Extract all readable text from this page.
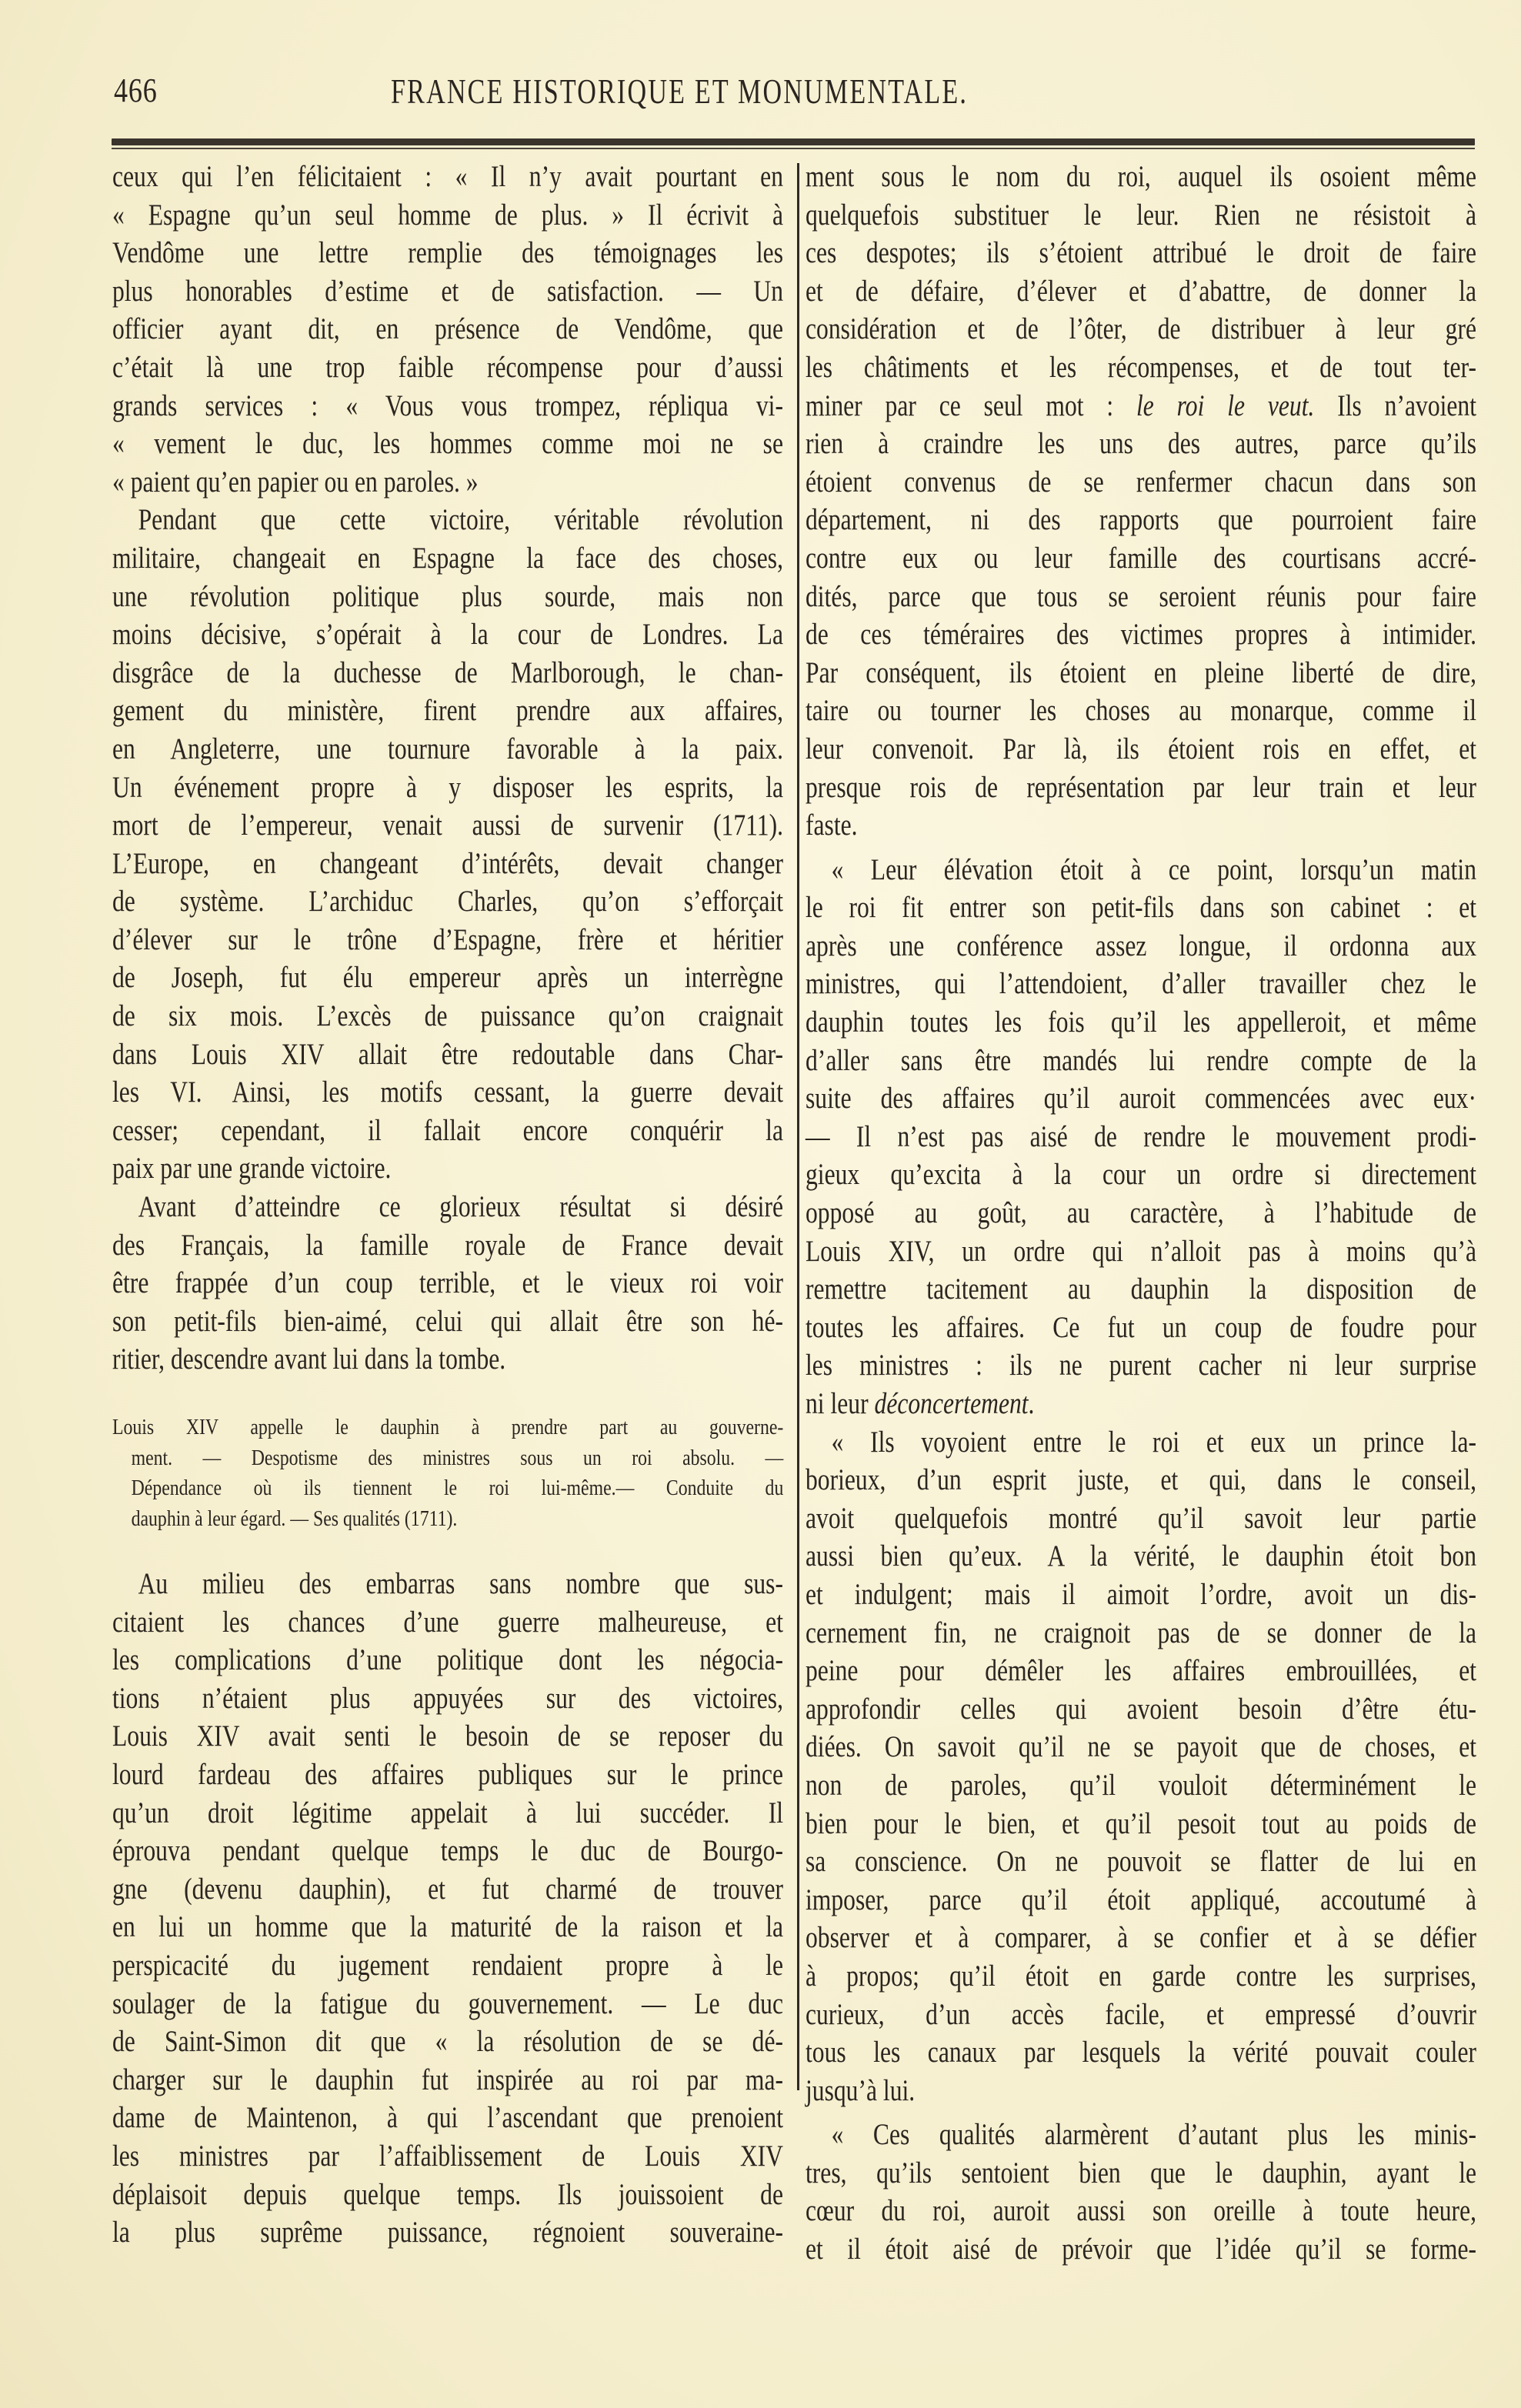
466	FRANCE HISTORIQUE ET MONUMENTALE.
ceux qui l’en félicitaient : « Il n’y avait pourtant en
« Espagne qu’un seul homme de plus. » Il écrivit à
Vendôme une lettre remplie des témoignages les
plus honorables d’estime et de satisfaction. — Un
officier ayant dit, en présence de Vendôme, que
c’était là une trop faible récompense pour d’aussi
grands services : « Vous vous trompez, répliqua vi-
« vement le duc, les hommes comme moi ne se
« paient qu’en papier ou en paroles. »
Pendant que cette victoire, véritable révolution
militaire, changeait en Espagne la face des choses,
une révolution politique plus sourde, mais non
moins décisive, s’opérait à la cour de Londres. La
disgrâce de la duchesse de Marlborough, le chan-
gement du ministère, firent prendre aux affaires,
en Angleterre, une tournure favorable à la paix.
Un événement propre à y disposer les esprits, la
mort de l’empereur, venait aussi de survenir (1711).
L’Europe, en changeant d’intérêts, devait changer
de système. L’archiduc Charles, qu’on s’efforçait
d’élever sur le trône d’Espagne, frère et héritier
de Joseph, fut élu empereur après un interrègne
de six mois. L’excès de puissance qu’on craignait
dans Louis XIV allait être redoutable dans Char-
les VI. Ainsi, les motifs cessant, la guerre devait
cesser; cependant, il fallait encore conquérir la
paix par une grande victoire.
Avant d’atteindre ce glorieux résultat si désiré
des Français, la famille royale de France devait
être frappée d’un coup terrible, et le vieux roi voir
son petit-fils bien-aimé, celui qui allait être son hé-
ritier, descendre avant lui dans la tombe.
Louis XIV appelle le dauphin à prendre part au gouverne-
ment. — Despotisme des ministres sous un roi absolu. —
Dépendance où ils tiennent le roi lui-même.— Conduite du
dauphin à leur égard. — Ses qualités (1711).
Au milieu des embarras sans nombre que sus-
citaient les chances d’une guerre malheureuse, et
les complications d’une politique dont les négocia-
tions n’étaient plus appuyées sur des victoires,
Louis XIV avait senti le besoin de se reposer du
lourd fardeau des affaires publiques sur le prince
qu’un droit légitime appelait à lui succéder. Il
éprouva pendant quelque temps le duc de Bourgo-
gne (devenu dauphin), et fut charmé de trouver
en lui un homme que la maturité de la raison et la
perspicacité du jugement rendaient propre à le
soulager de la fatigue du gouvernement. — Le duc
de Saint-Simon dit que « la résolution de se dé-
charger sur le dauphin fut inspirée au roi par ma-
dame de Maintenon, à qui l’ascendant que prenoient
les ministres par l’affaiblissement de Louis XIV
déplaisoit depuis quelque temps. Ils jouissoient de
la plus suprême puissance, régnoient souveraine-
ment sous le nom du roi, auquel ils osoient même
quelquefois substituer le leur. Rien ne résistoit à
ces despotes; ils s’étoient attribué le droit de faire
et de défaire, d’élever et d’abattre, de donner la
considération et de l’ôter, de distribuer à leur gré
les châtiments et les récompenses, et de tout ter-
miner par ce seul mot : le roi le veut. Ils n’avoient
rien à craindre les uns des autres, parce qu’ils
étoient convenus de se renfermer chacun dans son
département, ni des rapports que pourroient faire
contre eux ou leur famille des courtisans accré-
dités, parce que tous se seroient réunis pour faire
de ces téméraires des victimes propres à intimider.
Par conséquent, ils étoient en pleine liberté de dire,
taire ou tourner les choses au monarque, comme il
leur convenoit. Par là, ils étoient rois en effet, et
presque rois de représentation par leur train et leur
faste.
« Leur élévation étoit à ce point, lorsqu’un matin
le roi fit entrer son petit-fils dans son cabinet : et
après une conférence assez longue, il ordonna aux
ministres, qui l’attendoient, d’aller travailler chez le
dauphin toutes les fois qu’il les appelleroit, et même
d’aller sans être mandés lui rendre compte de la
suite des affaires qu’il auroit commencées avec eux·
— Il n’est pas aisé de rendre le mouvement prodi-
gieux qu’excita à la cour un ordre si directement
opposé au goût, au caractère, à l’habitude de
Louis XIV, un ordre qui n’alloit pas à moins qu’à
remettre tacitement au dauphin la disposition de
toutes les affaires. Ce fut un coup de foudre pour
les ministres : ils ne purent cacher ni leur surprise
ni leur déconcertement.
« Ils voyoient entre le roi et eux un prince la-
borieux, d’un esprit juste, et qui, dans le conseil,
avoit quelquefois montré qu’il savoit leur partie
aussi bien qu’eux. A la vérité, le dauphin étoit bon
et indulgent; mais il aimoit l’ordre, avoit un dis-
cernement fin, ne craignoit pas de se donner de la
peine pour démêler les affaires embrouillées, et
approfondir celles qui avoient besoin d’être étu-
diées. On savoit qu’il ne se payoit que de choses, et
non de paroles, qu’il vouloit déterminément le
bien pour le bien, et qu’il pesoit tout au poids de
sa conscience. On ne pouvoit se flatter de lui en
imposer, parce qu’il étoit appliqué, accoutumé à
observer et à comparer, à se confier et à se défier
à propos; qu’il étoit en garde contre les surprises,
curieux, d’un accès facile, et empressé d’ouvrir
tous les canaux par lesquels la vérité pouvait couler
jusqu’à lui.
« Ces qualités alarmèrent d’autant plus les minis-
tres, qu’ils sentoient bien que le dauphin, ayant le
cœur du roi, auroit aussi son oreille à toute heure,
et il étoit aisé de prévoir que l’idée qu’il se forme-
